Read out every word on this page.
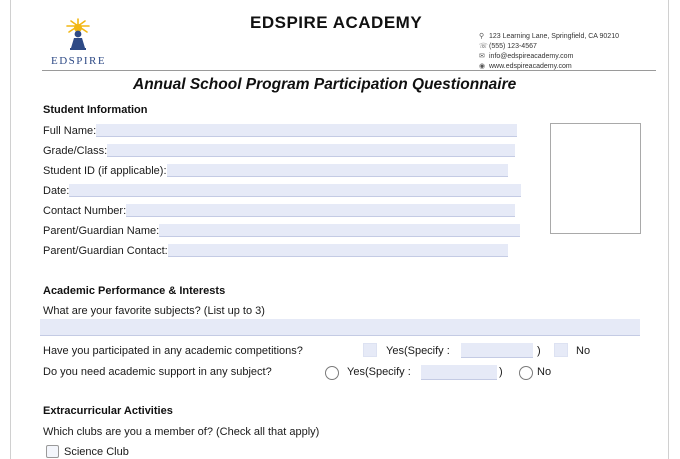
EDSPIRE
EDSPIRE ACADEMY
⚲ 123 Learning Lane, Springfield, CA 90210
☏ (555) 123-4567
✉ info@edspireacademy.com
◉ www.edspireacademy.com
Annual School Program Participation Questionnaire
Student Information
Full Name:
Grade/Class:
Student ID (if applicable):
Date:
Contact Number:
Parent/Guardian Name:
Parent/Guardian Contact:
Academic Performance & Interests
What are your favorite subjects? (List up to 3)
Have you participated in any academic competitions?	Yes(Specify :	)	No
Do you need academic support in any subject?	Yes(Specify :	)	No
Extracurricular Activities
Which clubs are you a member of? (Check all that apply)
Science Club
